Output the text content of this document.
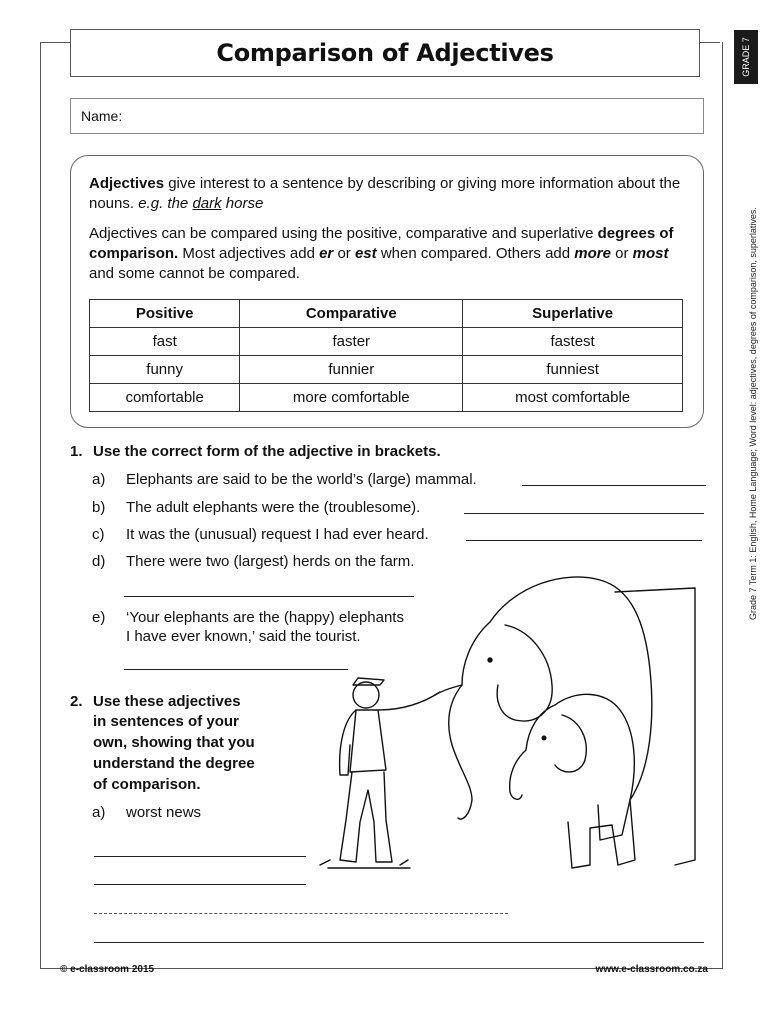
Comparison of Adjectives	GRADE 7
Grade 7 Term 1: English, Home Language; Word level: adjectives, degrees of comparison, superlatives.
Name:

Adjectives give interest to a sentence by describing or giving more information about the nouns. e.g. the dark horse

Adjectives can be compared using the positive, comparative and superlative degrees of comparison. Most adjectives add er or est when compared. Others add more or most and some cannot be compared.

Positive	Comparative	Superlative
fast	faster	fastest
funny	funnier	funniest
comfortable	more comfortable	most comfortable
1. Use the correct form of the adjective in brackets.
a) Elephants are said to be the world’s (large) mammal.
b) The adult elephants were the (troublesome).
c) It was the (unusual) request I had ever heard.
d) There were two (largest) herds on the farm.
e) ‘Your elephants are the (happy) elephants
I have ever known,’ said the tourist.
2. Use these adjectives
in sentences of your
own, showing that you
understand the degree
of comparison.
a) worst news
© e-classroom 2015	www.e-classroom.co.za
